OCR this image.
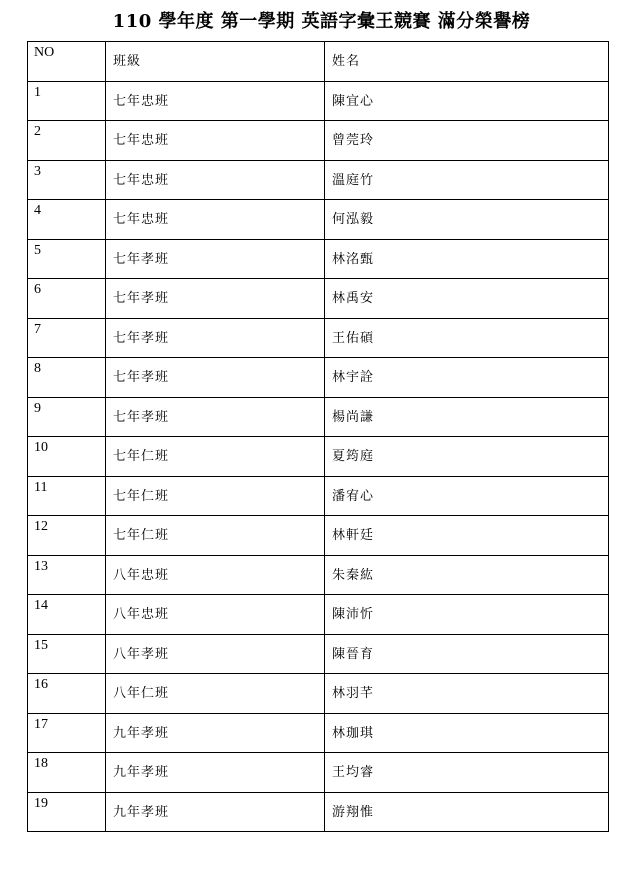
110 學年度 第一學期 英語字彙王競賽 滿分榮譽榜
NO	班級	姓名

1	七年忠班	陳宜心

2	七年忠班	曾莞玲

3	七年忠班	溫庭竹

4	七年忠班	何泓毅

5	七年孝班	林洺甄

6	七年孝班	林禹安

7	七年孝班	王佑碩

8	七年孝班	林宇詮

9	七年孝班	楊尚謙

10	七年仁班	夏筠庭

11	七年仁班	潘宥心

12	七年仁班	林軒廷

13	八年忠班	朱秦紘

14	八年忠班	陳沛忻

15	八年孝班	陳晉育

16	八年仁班	林羽芊

17	九年孝班	林珈琪

18	九年孝班	王均睿

19	九年孝班	游翔惟
